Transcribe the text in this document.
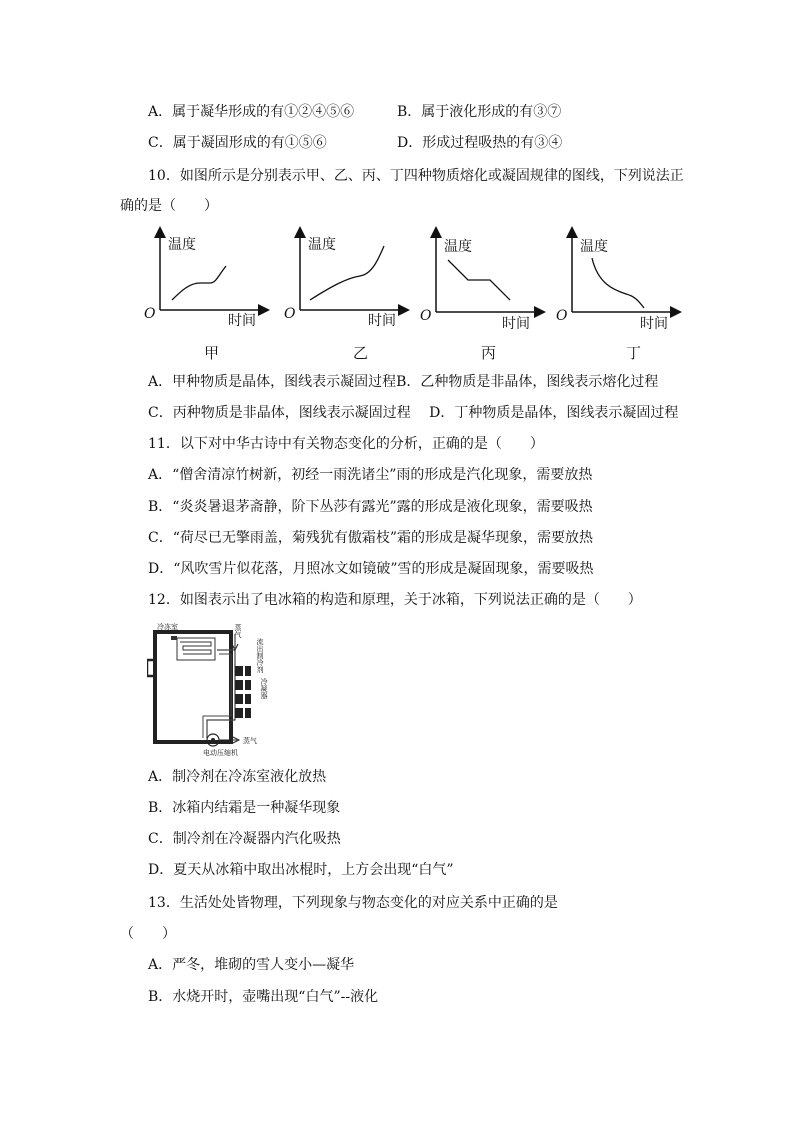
A．属于凝华形成的有①②④⑤⑥	B．属于液化形成的有③⑦
C．属于凝固形成的有①⑤⑥	D．形成过程吸热的有③④
10．如图所示是分别表示甲、乙、丙、丁四种物质熔化或凝固规律的图线，下列说法正
确的是（　　）
温度
时间
O
甲
温度
时间
O
乙
温度
时间
O
丙
温度
时间
O
丁
A．甲种物质是晶体，图线表示凝固过程B．乙种物质是非晶体，图线表示熔化过程
C．丙种物质是非晶体，图线表示凝固过程　 D．丁种物质是晶体，图线表示凝固过程
11．以下对中华古诗中有关物态变化的分析，正确的是（　　）
A．“僧舍清凉竹树新，初经一雨洗诸尘”雨的形成是汽化现象，需要放热
B．“炎炎暑退茅斋静，阶下丛莎有露光”露的形成是液化现象，需要吸热
C．“荷尽已无擎雨盖，菊残犹有傲霜枝”霜的形成是凝华现象，需要放热
D．“风吹雪片似花落，月照冰文如镜破”雪的形成是凝固现象，需要吸热
12．如图表示出了电冰箱的构造和原理，关于冰箱，下列说法正确的是（　　）
冷冻室	蒸气
流出制冷剂
冷凝器
电动压缩机
蒸气
A．制冷剂在冷冻室液化放热
B．冰箱内结霜是一种凝华现象
C．制冷剂在冷凝器内汽化吸热
D．夏天从冰箱中取出冰棍时，上方会出现“白气”
13．生活处处皆物理，下列现象与物态变化的对应关系中正确的是
（　　）
A．严冬，堆砌的雪人变小—凝华
B．水烧开时，壶嘴出现“白气”--液化
